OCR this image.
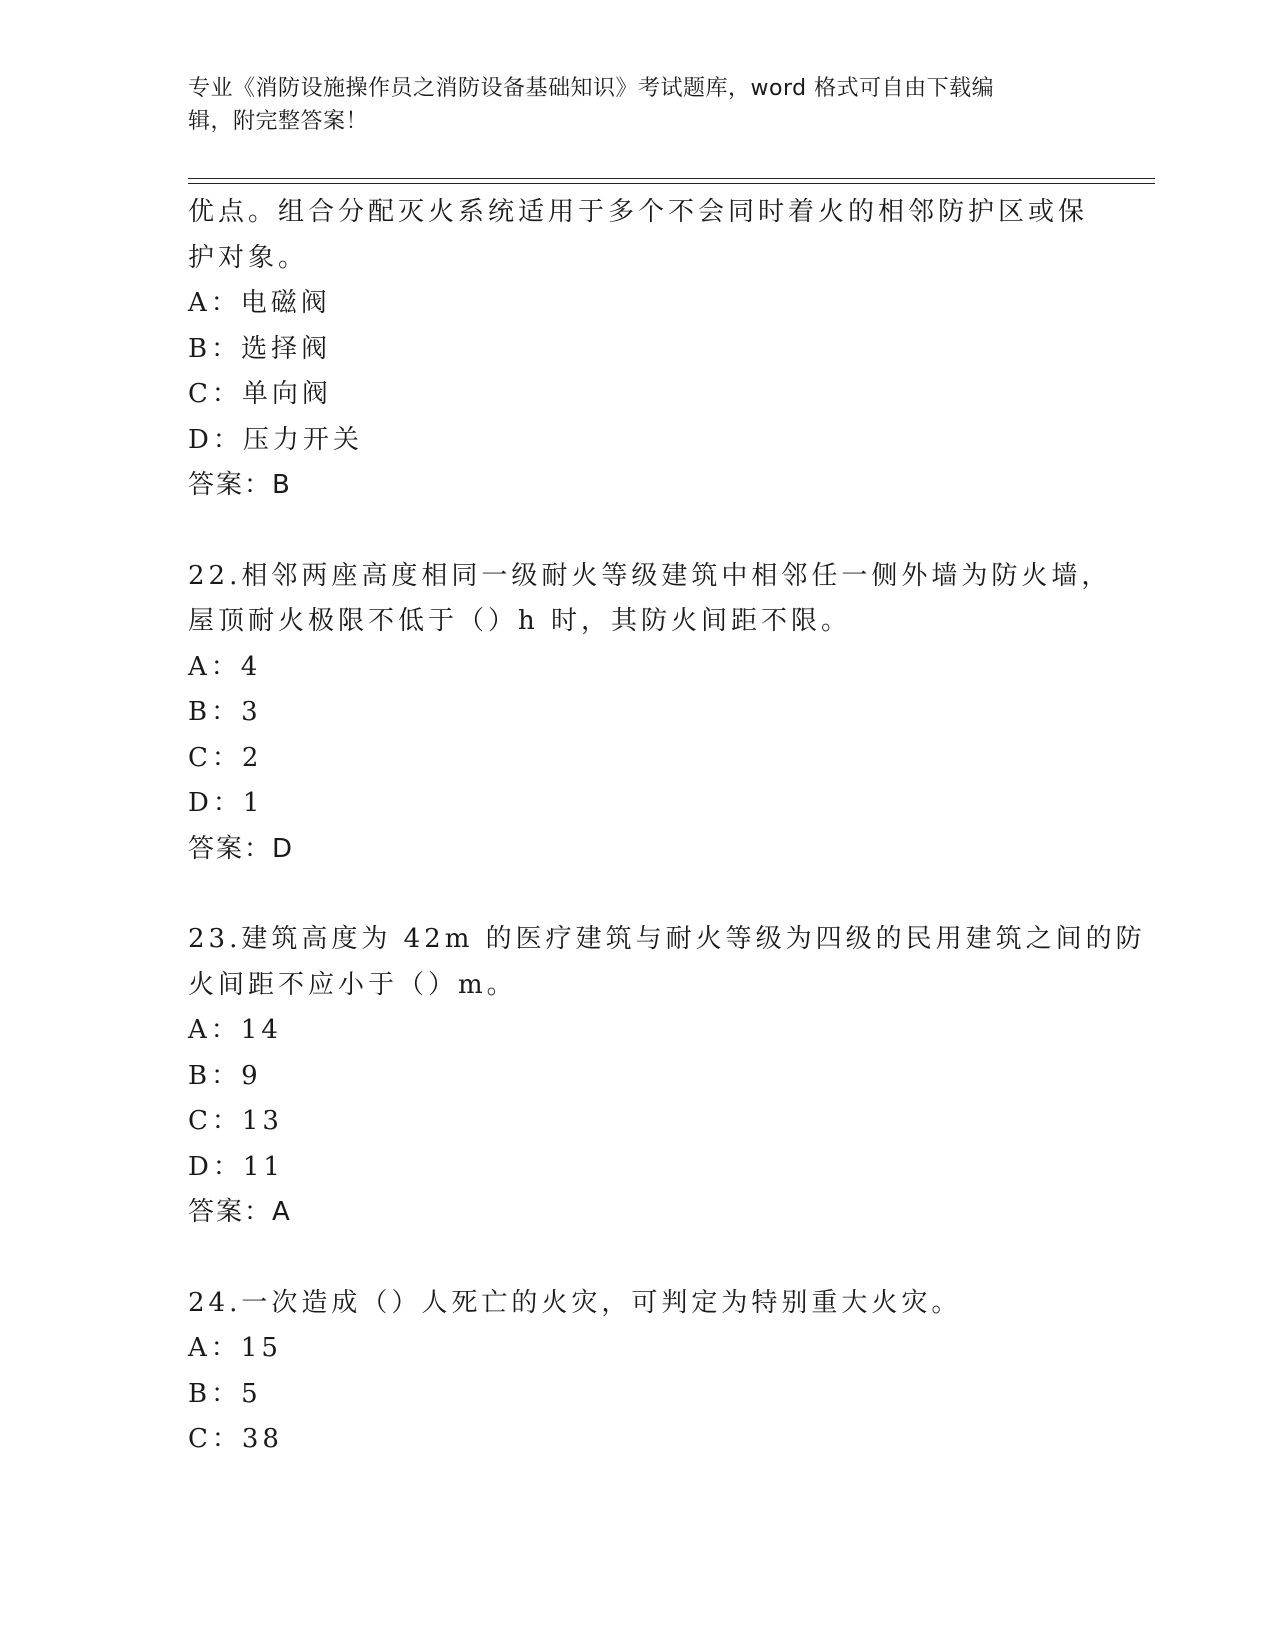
专业《消防设施操作员之消防设备基础知识》考试题库，word 格式可自由下载编
辑，附完整答案！
优点。组合分配灭火系统适用于多个不会同时着火的相邻防护区或保
护对象。
A：电磁阀
B：选择阀
C：单向阀
D：压力开关
答案：B
22.相邻两座高度相同一级耐火等级建筑中相邻任一侧外墙为防火墙，
屋顶耐火极限不低于（）h 时，其防火间距不限。
A：4
B：3
C：2
D：1
答案：D
23.建筑高度为 42m 的医疗建筑与耐火等级为四级的民用建筑之间的防
火间距不应小于（）m。
A：14
B：9
C：13
D：11
答案：A
24.一次造成（）人死亡的火灾，可判定为特别重大火灾。
A：15
B：5
C：38
